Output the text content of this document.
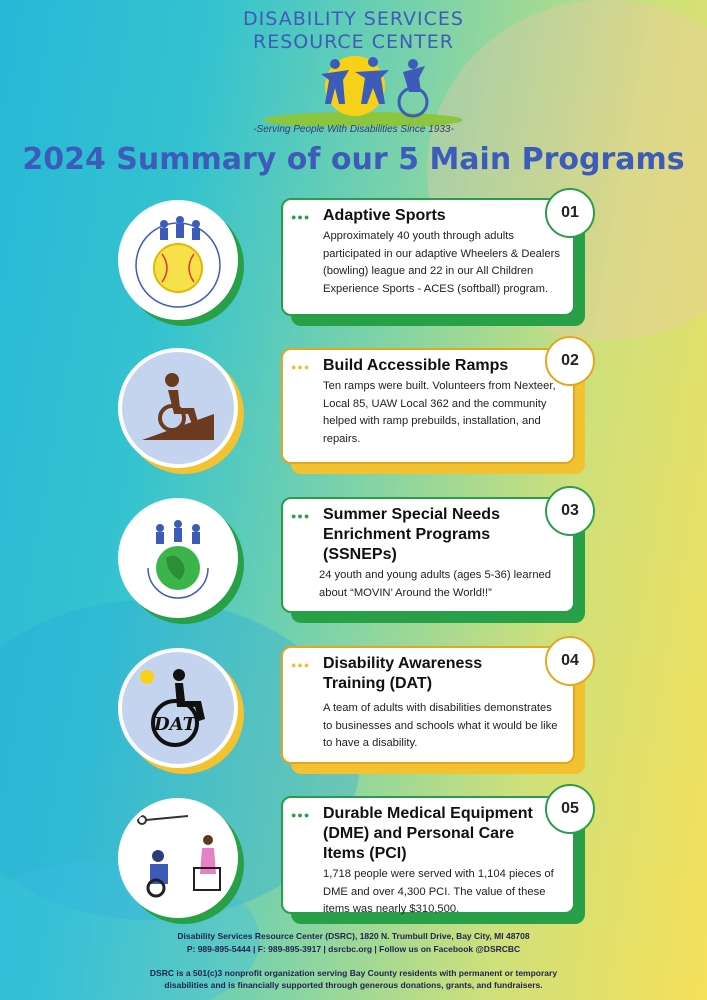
DISABILITY SERVICES
RESOURCE CENTER
-Serving People With Disabilities Since 1933-
2024 Summary of our 5 Main Programs
●●● Adaptive Sports

Approximately 40 youth through adults participated in our adaptive Wheelers & Dealers (bowling) league and 22 in our All Children Experience Sports - ACES (softball) program.

01
●●● Build Accessible Ramps

Ten ramps were built. Volunteers from Nexteer, Local 85, UAW Local 362 and the community helped with ramp prebuilds, installation, and repairs.

02
●●● Summer Special Needs Enrichment Programs (SSNEPs)

24 youth and young adults (ages 5-36) learned about “MOVIN’ Around the World!!”

03
DAT
●●● Disability Awareness Training (DAT)

A team of adults with disabilities demonstrates to businesses and schools what it would be like to have a disability.

04
●●● Durable Medical Equipment (DME) and Personal Care Items (PCI)

1,718 people were served with 1,104 pieces of DME and over 4,300 PCI. The value of these items was nearly $310,500.

05
Disability Services Resource Center (DSRC), 1820 N. Trumbull Drive, Bay City, MI 48708
P: 989-895-5444 | F: 989-895-3917 | dsrcbc.org | Follow us on Facebook @DSRCBC
DSRC is a 501(c)3 nonprofit organization serving Bay County residents with permanent or temporary
disabilities and is financially supported through generous donations, grants, and fundraisers.
